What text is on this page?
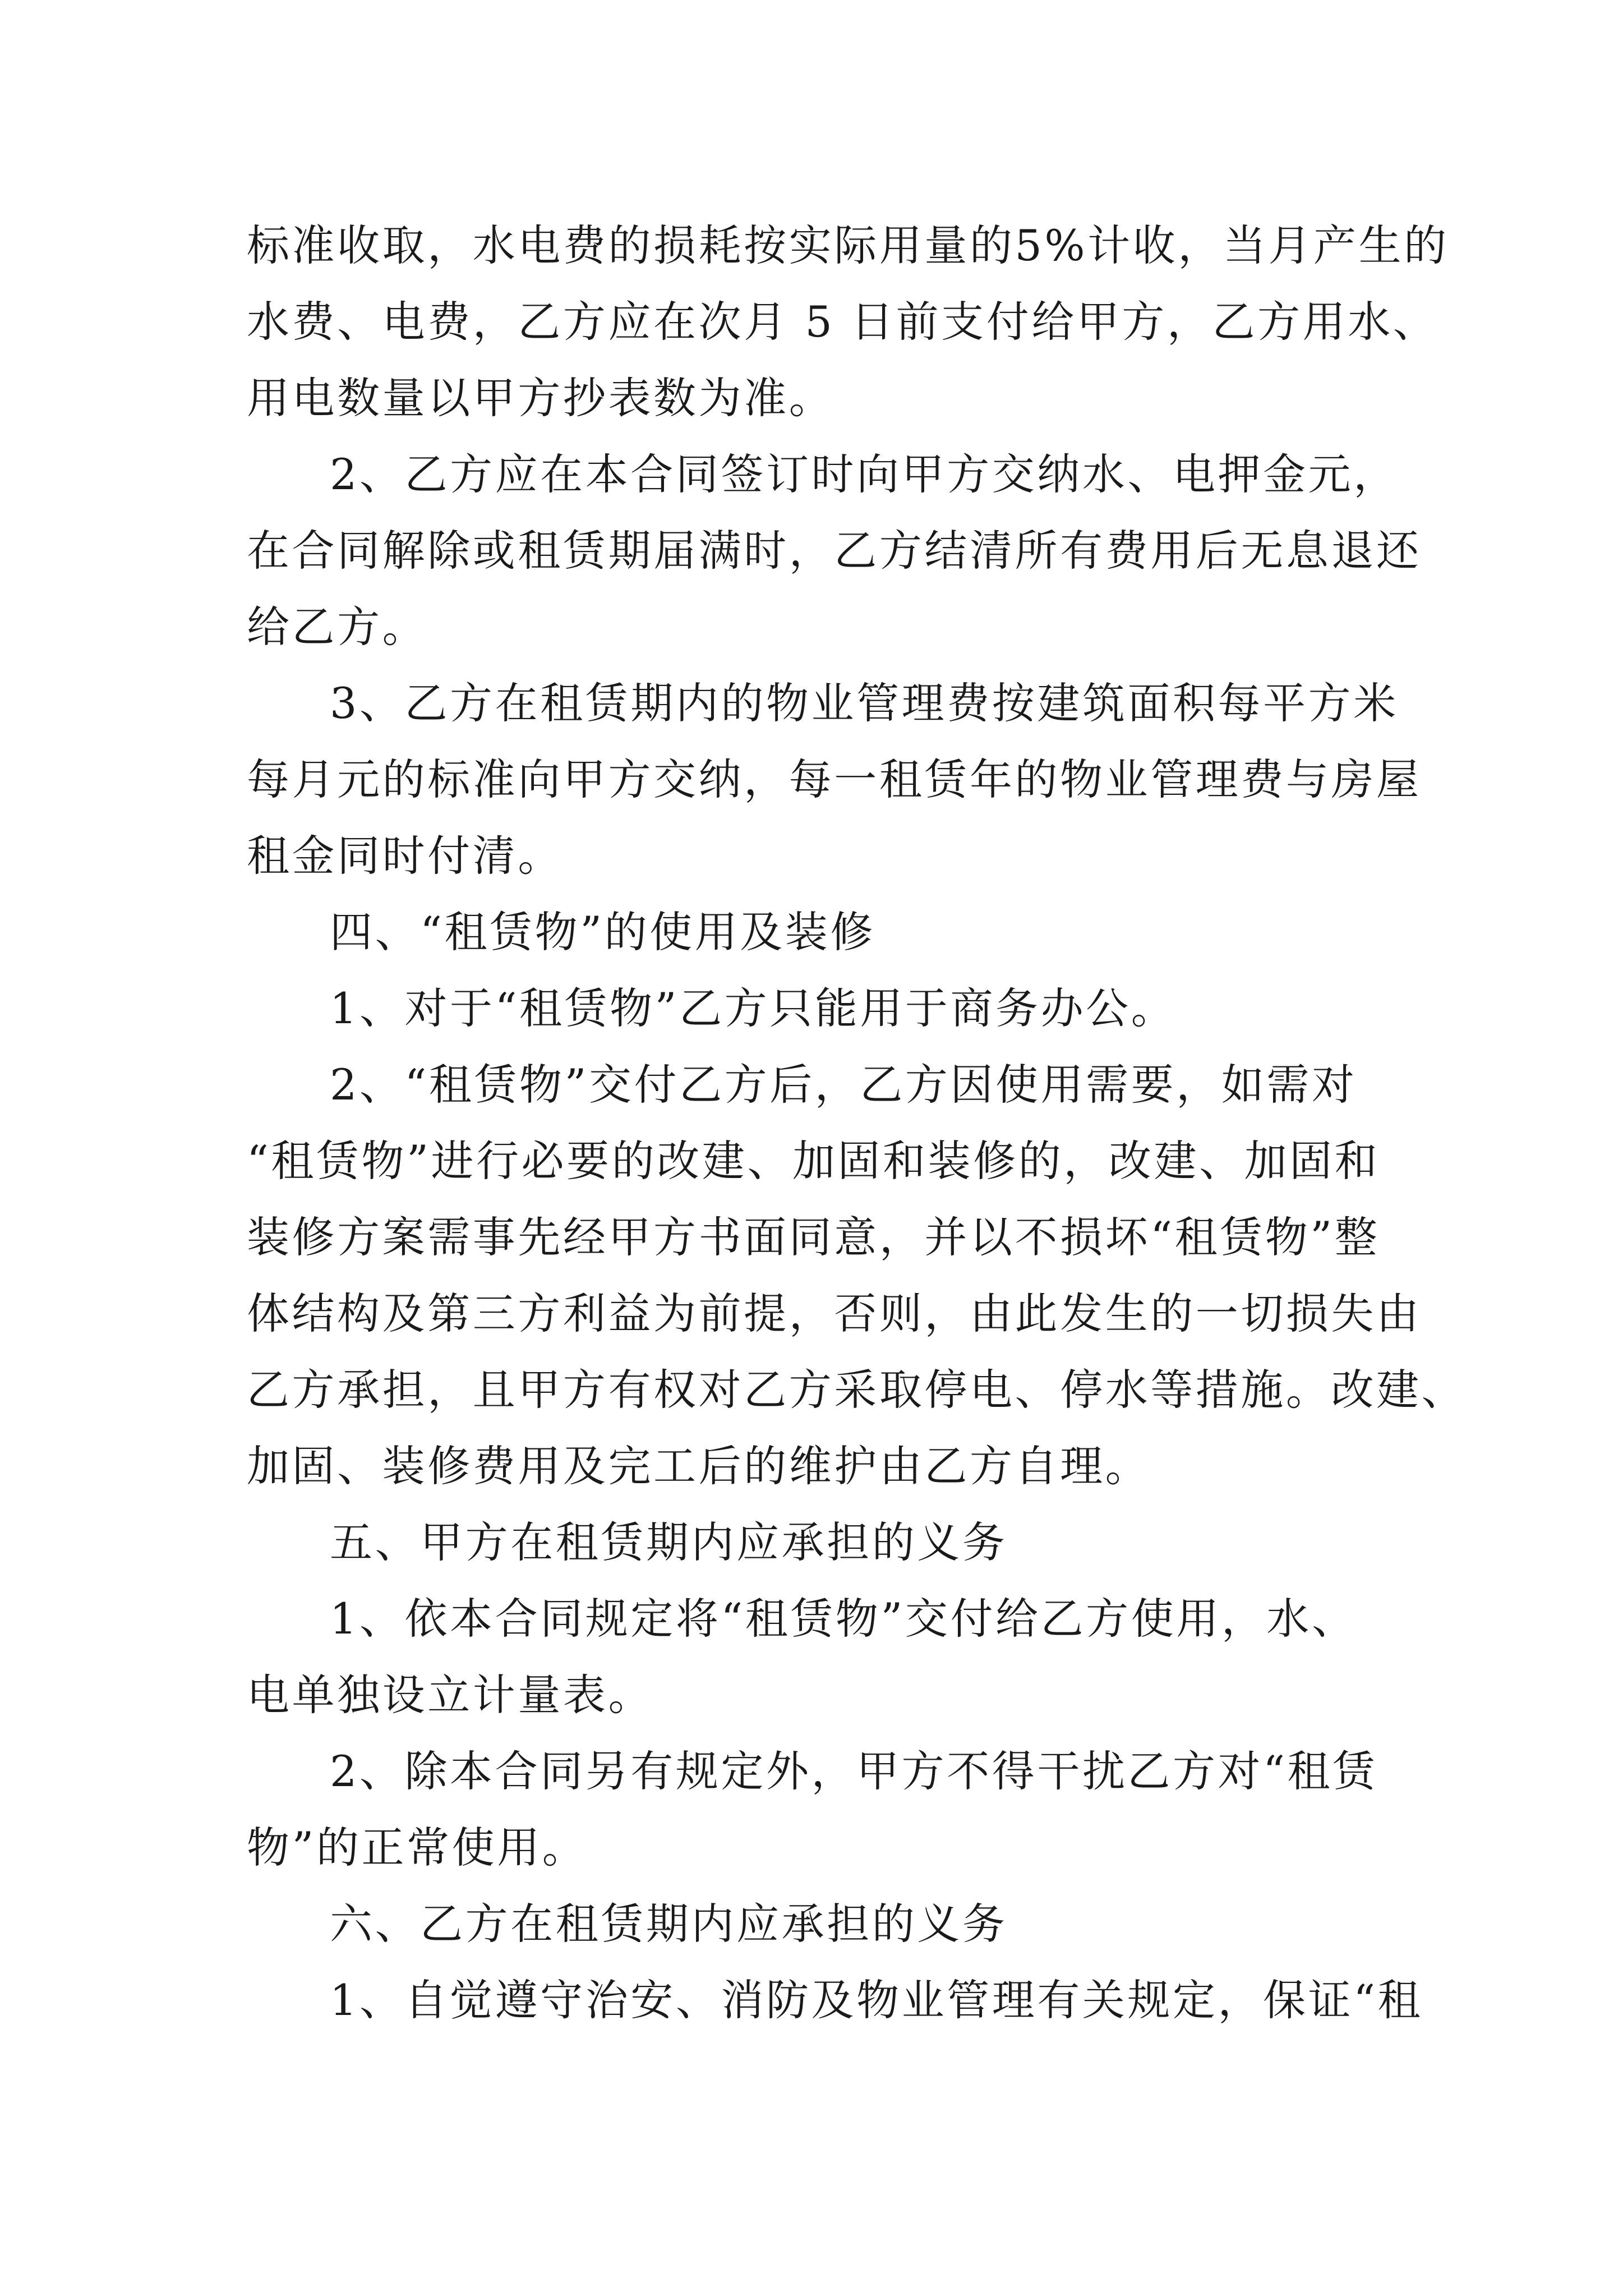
标准收取，水电费的损耗按实际用量的5%计收，当月产生的
水费、电费，乙方应在次月 5 日前支付给甲方，乙方用水、
用电数量以甲方抄表数为准。
2、乙方应在本合同签订时向甲方交纳水、电押金元，
在合同解除或租赁期届满时，乙方结清所有费用后无息退还
给乙方。
3、乙方在租赁期内的物业管理费按建筑面积每平方米
每月元的标准向甲方交纳，每一租赁年的物业管理费与房屋
租金同时付清。
四、“租赁物”的使用及装修
1、对于“租赁物”乙方只能用于商务办公。
2、“租赁物”交付乙方后，乙方因使用需要，如需对
“租赁物”进行必要的改建、加固和装修的，改建、加固和
装修方案需事先经甲方书面同意，并以不损坏“租赁物”整
体结构及第三方利益为前提，否则，由此发生的一切损失由
乙方承担，且甲方有权对乙方采取停电、停水等措施。改建、
加固、装修费用及完工后的维护由乙方自理。
五、甲方在租赁期内应承担的义务
1、依本合同规定将“租赁物”交付给乙方使用，水、
电单独设立计量表。
2、除本合同另有规定外，甲方不得干扰乙方对“租赁
物”的正常使用。
六、乙方在租赁期内应承担的义务
1、自觉遵守治安、消防及物业管理有关规定，保证“租
